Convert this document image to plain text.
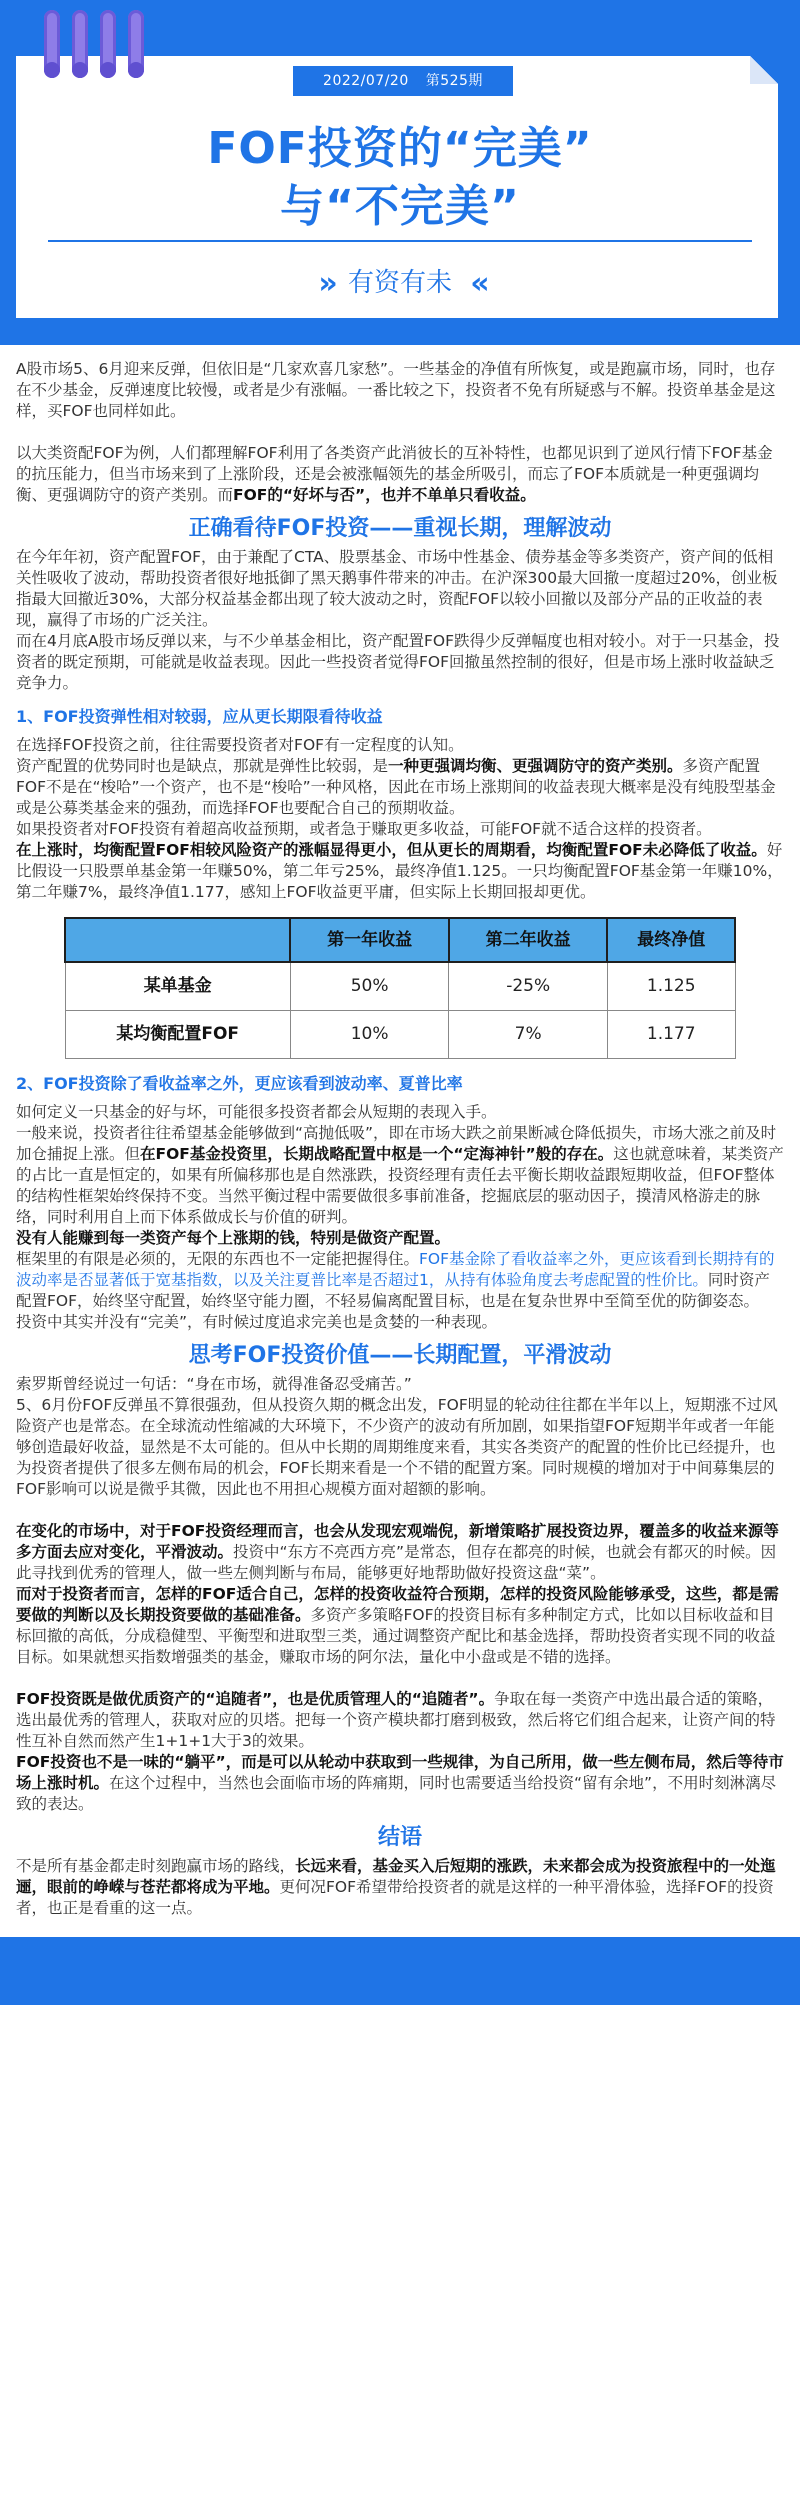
2022/07/20 第525期
FOF投资的“完美”
与“不完美”
» 有资有未 «

A股市场5、6月迎来反弹，但依旧是“几家欢喜几家愁”。一些基金的净值有所恢复，或是跑赢市场，同时，也存在不少基金，反弹速度比较慢，或者是少有涨幅。一番比较之下，投资者不免有所疑惑与不解。投资单基金是这样，买FOF也同样如此。

以大类资配FOF为例，人们都理解FOF利用了各类资产此消彼长的互补特性，也都见识到了逆风行情下FOF基金的抗压能力，但当市场来到了上涨阶段，还是会被涨幅领先的基金所吸引，而忘了FOF本质就是一种更强调均衡、更强调防守的资产类别。而FOF的“好坏与否”，也并不单单只看收益。

正确看待FOF投资——重视长期，理解波动

在今年年初，资产配置FOF，由于兼配了CTA、股票基金、市场中性基金、债券基金等多类资产，资产间的低相关性吸收了波动，帮助投资者很好地抵御了黑天鹅事件带来的冲击。在沪深300最大回撤一度超过20%，创业板指最大回撤近30%，大部分权益基金都出现了较大波动之时，资配FOF以较小回撤以及部分产品的正收益的表现，赢得了市场的广泛关注。

而在4月底A股市场反弹以来，与不少单基金相比，资产配置FOF跌得少反弹幅度也相对较小。对于一只基金，投资者的既定预期，可能就是收益表现。因此一些投资者觉得FOF回撤虽然控制的很好，但是市场上涨时收益缺乏竞争力。

1、FOF投资弹性相对较弱，应从更长期限看待收益

在选择FOF投资之前，往往需要投资者对FOF有一定程度的认知。

资产配置的优势同时也是缺点，那就是弹性比较弱，是一种更强调均衡、更强调防守的资产类别。多资产配置FOF不是在“梭哈”一个资产，也不是“梭哈”一种风格，因此在市场上涨期间的收益表现大概率是没有纯股型基金或是公募类基金来的强劲，而选择FOF也要配合自己的预期收益。

如果投资者对FOF投资有着超高收益预期，或者急于赚取更多收益，可能FOF就不适合这样的投资者。

在上涨时，均衡配置FOF相较风险资产的涨幅显得更小，但从更长的周期看，均衡配置FOF未必降低了收益。好比假设一只股票单基金第一年赚50%，第二年亏25%，最终净值1.125。一只均衡配置FOF基金第一年赚10%，第二年赚7%，最终净值1.177，感知上FOF收益更平庸，但实际上长期回报却更优。

	第一年收益	第二年收益	最终净值
某单基金	50%	-25%	1.125
某均衡配置FOF	10%	7%	1.177
2、FOF投资除了看收益率之外，更应该看到波动率、夏普比率

如何定义一只基金的好与坏，可能很多投资者都会从短期的表现入手。

一般来说，投资者往往希望基金能够做到“高抛低吸”，即在市场大跌之前果断减仓降低损失，市场大涨之前及时加仓捕捉上涨。但在FOF基金投资里，长期战略配置中枢是一个“定海神针”般的存在。这也就意味着，某类资产的占比一直是恒定的，如果有所偏移那也是自然涨跌，投资经理有责任去平衡长期收益跟短期收益，但FOF整体的结构性框架始终保持不变。当然平衡过程中需要做很多事前准备，挖掘底层的驱动因子，摸清风格游走的脉络，同时利用自上而下体系做成长与价值的研判。

没有人能赚到每一类资产每个上涨期的钱，特别是做资产配置。

框架里的有限是必须的，无限的东西也不一定能把握得住。FOF基金除了看收益率之外，更应该看到长期持有的波动率是否显著低于宽基指数，以及关注夏普比率是否超过1，从持有体验角度去考虑配置的性价比。同时资产配置FOF，始终坚守配置，始终坚守能力圈，不轻易偏离配置目标，也是在复杂世界中至简至优的防御姿态。

投资中其实并没有“完美”，有时候过度追求完美也是贪婪的一种表现。

思考FOF投资价值——长期配置，平滑波动

索罗斯曾经说过一句话：“身在市场，就得准备忍受痛苦。”

5、6月份FOF反弹虽不算很强劲，但从投资久期的概念出发，FOF明显的轮动往往都在半年以上，短期涨不过风险资产也是常态。在全球流动性缩减的大环境下，不少资产的波动有所加剧，如果指望FOF短期半年或者一年能够创造最好收益，显然是不太可能的。但从中长期的周期维度来看，其实各类资产的配置的性价比已经提升，也为投资者提供了很多左侧布局的机会，FOF长期来看是一个不错的配置方案。同时规模的增加对于中间募集层的FOF影响可以说是微乎其微，因此也不用担心规模方面对超额的影响。

在变化的市场中，对于FOF投资经理而言，也会从发现宏观端倪，新增策略扩展投资边界，覆盖多的收益来源等多方面去应对变化，平滑波动。投资中“东方不亮西方亮”是常态，但存在都亮的时候，也就会有都灭的时候。因此寻找到优秀的管理人，做一些左侧判断与布局，能够更好地帮助做好投资这盘“菜”。

而对于投资者而言，怎样的FOF适合自己，怎样的投资收益符合预期，怎样的投资风险能够承受，这些，都是需要做的判断以及长期投资要做的基础准备。多资产多策略FOF的投资目标有多种制定方式，比如以目标收益和目标回撤的高低，分成稳健型、平衡型和进取型三类，通过调整资产配比和基金选择，帮助投资者实现不同的收益目标。如果就想买指数增强类的基金，赚取市场的阿尔法，量化中小盘或是不错的选择。

FOF投资既是做优质资产的“追随者”，也是优质管理人的“追随者”。争取在每一类资产中选出最合适的策略，选出最优秀的管理人，获取对应的贝塔。把每一个资产模块都打磨到极致，然后将它们组合起来，让资产间的特性互补自然而然产生1+1+1大于3的效果。

FOF投资也不是一味的“躺平”，而是可以从轮动中获取到一些规律，为自己所用，做一些左侧布局，然后等待市场上涨时机。在这个过程中，当然也会面临市场的阵痛期，同时也需要适当给投资“留有余地”，不用时刻淋漓尽致的表达。

结语

不是所有基金都走时刻跑赢市场的路线，长远来看，基金买入后短期的涨跌，未来都会成为投资旅程中的一处迤逦，眼前的峥嵘与苍茫都将成为平地。更何况FOF希望带给投资者的就是这样的一种平滑体验，选择FOF的投资者，也正是看重的这一点。
